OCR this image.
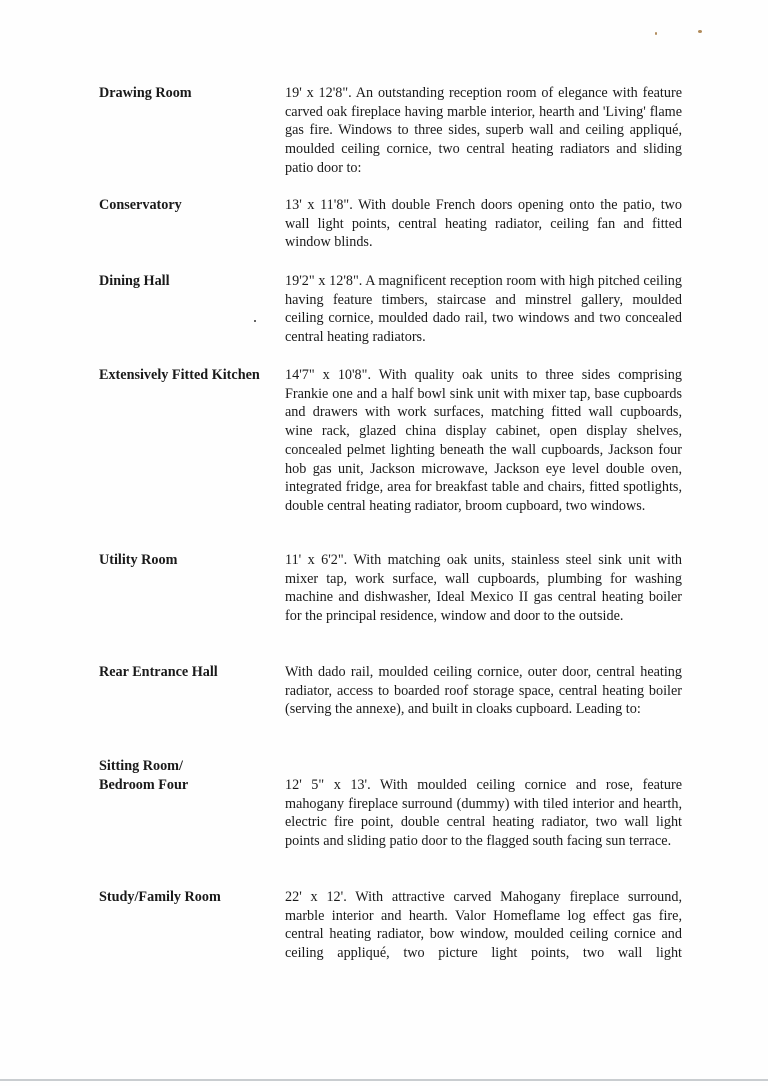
Drawing Room	19' x 12'8". An outstanding reception room of elegance with feature carved oak fireplace having marble interior, hearth and 'Living' flame gas fire. Windows to three sides, superb wall and ceiling appliqué, moulded ceiling cornice, two central heating radiators and sliding patio door to:
Conservatory	13' x 11'8". With double French doors opening onto the patio, two wall light points, central heating radiator, ceiling fan and fitted window blinds.
Dining Hall	19'2" x 12'8". A magnificent reception room with high pitched ceiling having feature timbers, staircase and minstrel gallery, moulded ceiling cornice, moulded dado rail, two windows and two concealed central heating radiators.
Extensively Fitted Kitchen	14'7" x 10'8". With quality oak units to three sides comprising Frankie one and a half bowl sink unit with mixer tap, base cupboards and drawers with work surfaces, matching fitted wall cupboards, wine rack, glazed china display cabinet, open display shelves, concealed pelmet lighting beneath the wall cupboards, Jackson four hob gas unit, Jackson microwave, Jackson eye level double oven, integrated fridge, area for breakfast table and chairs, fitted spotlights, double central heating radiator, broom cupboard, two windows.
Utility Room	11' x 6'2". With matching oak units, stainless steel sink unit with mixer tap, work surface, wall cupboards, plumbing for washing machine and dishwasher, Ideal Mexico II gas central heating boiler for the principal residence, window and door to the outside.
Rear Entrance Hall	With dado rail, moulded ceiling cornice, outer door, central heating radiator, access to boarded roof storage space, central heating boiler (serving the annexe), and built in cloaks cupboard. Leading to:
Sitting Room/
Bedroom Four	12' 5" x 13'. With moulded ceiling cornice and rose, feature mahogany fireplace surround (dummy) with tiled interior and hearth, electric fire point, double central heating radiator, two wall light points and sliding patio door to the flagged south facing sun terrace.
Study/Family Room	22' x 12'. With attractive carved Mahogany fireplace surround, marble interior and hearth. Valor Homeflame log effect gas fire, central heating radiator, bow window, moulded ceiling cornice and ceiling appliqué, two picture light points, two wall light
